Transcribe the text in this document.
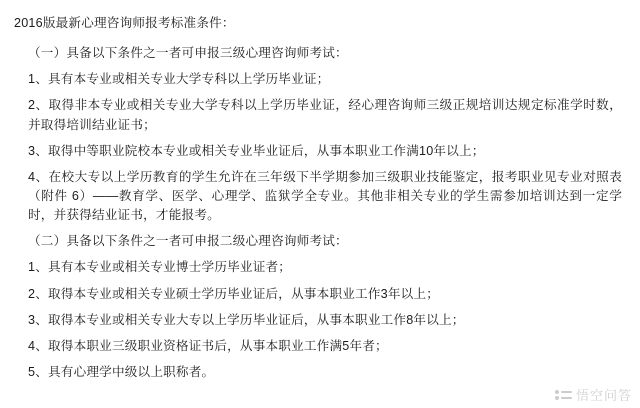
2016版最新心理咨询师报考标准条件：

（一）具备以下条件之一者可申报三级心理咨询师考试：

1、具有本专业或相关专业大学专科以上学历毕业证；

2、取得非本专业或相关专业大学专科以上学历毕业证，经心理咨询师三级正规培训达规定标准学时数，并取得培训结业证书；

3、取得中等职业院校本专业或相关专业毕业证后，从事本职业工作满10年以上；

4、在校大专以上学历教育的学生允许在三年级下半学期参加三级职业技能鉴定，报考职业见专业对照表（附件 6）——教育学、医学、心理学、监狱学全专业。其他非相关专业的学生需参加培训达到一定学时，并获得结业证书，才能报考。

（二）具备以下条件之一者可申报二级心理咨询师考试：

1、具有本专业或相关专业博士学历毕业证者；

2、取得本专业或相关专业硕士学历毕业证后，从事本职业工作3年以上；

3、取得本专业或相关专业大专以上学历毕业证后，从事本职业工作8年以上；

4、取得本职业三级职业资格证书后，从事本职业工作满5年者；

5、具有心理学中级以上职称者。

悟空问答
